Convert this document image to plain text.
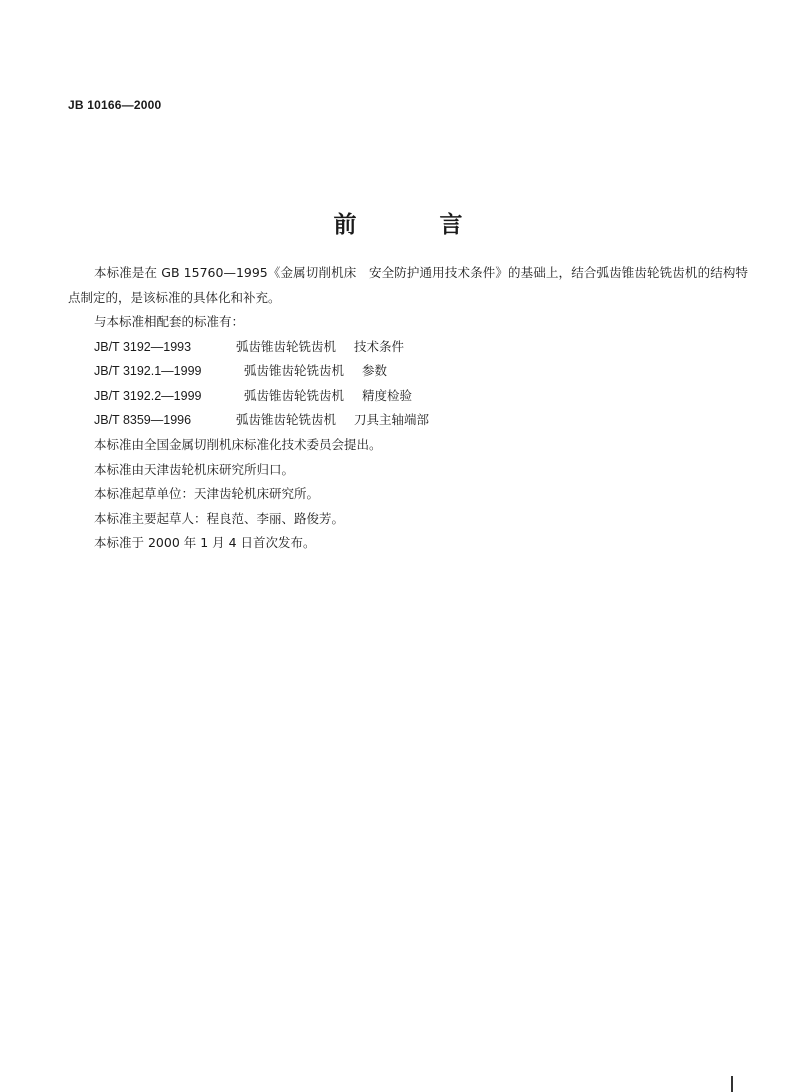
JB 10166—2000
前　言

本标准是在 GB 15760—1995《金属切削机床　安全防护通用技术条件》的基础上，结合弧齿锥齿轮铣齿机的结构特点制定的，是该标准的具体化和补充。

与本标准相配套的标准有：

JB/T 3192—1993	弧齿锥齿轮铣齿机 技术条件

JB/T 3192.1—1999	弧齿锥齿轮铣齿机 参数

JB/T 3192.2—1999	弧齿锥齿轮铣齿机 精度检验

JB/T 8359—1996	弧齿锥齿轮铣齿机 刀具主轴端部

本标准由全国金属切削机床标准化技术委员会提出。

本标准由天津齿轮机床研究所归口。

本标准起草单位：天津齿轮机床研究所。

本标准主要起草人：程良范、李丽、路俊芳。

本标准于 2000 年 1 月 4 日首次发布。
